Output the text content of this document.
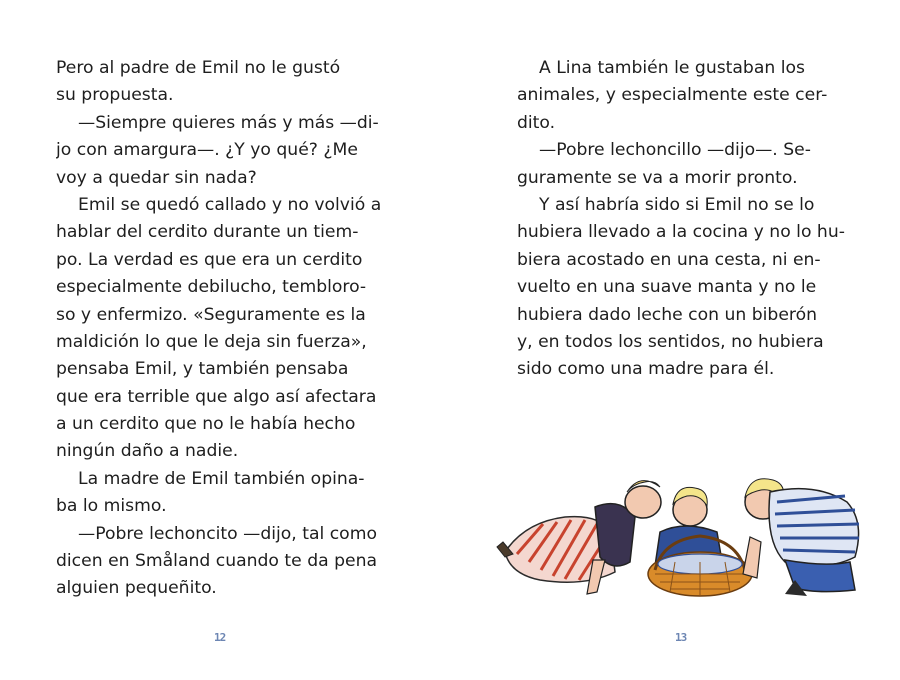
Pero al padre de Emil no le gustó
su propuesta.
—Siempre quieres más y más —di-
jo con amargura—. ¿Y yo qué? ¿Me
voy a quedar sin nada?
Emil se quedó callado y no volvió a
hablar del cerdito durante un tiem-
po. La verdad es que era un cerdito
especialmente debilucho, tembloro-
so y enfermizo. «Seguramente es la
maldición lo que le deja sin fuerza»,
pensaba Emil, y también pensaba
que era terrible que algo así afectara
a un cerdito que no le había hecho
ningún daño a nadie.
La madre de Emil también opina-
ba lo mismo.
—Pobre lechoncito —dijo, tal como
dicen en Småland cuando te da pena
alguien pequeñito.
12
A Lina también le gustaban los
animales, y especialmente este cer-
dito.
—Pobre lechoncillo —dijo—. Se-
guramente se va a morir pronto.
Y así habría sido si Emil no se lo
hubiera llevado a la cocina y no lo hu-
biera acostado en una cesta, ni en-
vuelto en una suave manta y no le
hubiera dado leche con un biberón
y, en todos los sentidos, no hubiera
sido como una madre para él.
13
